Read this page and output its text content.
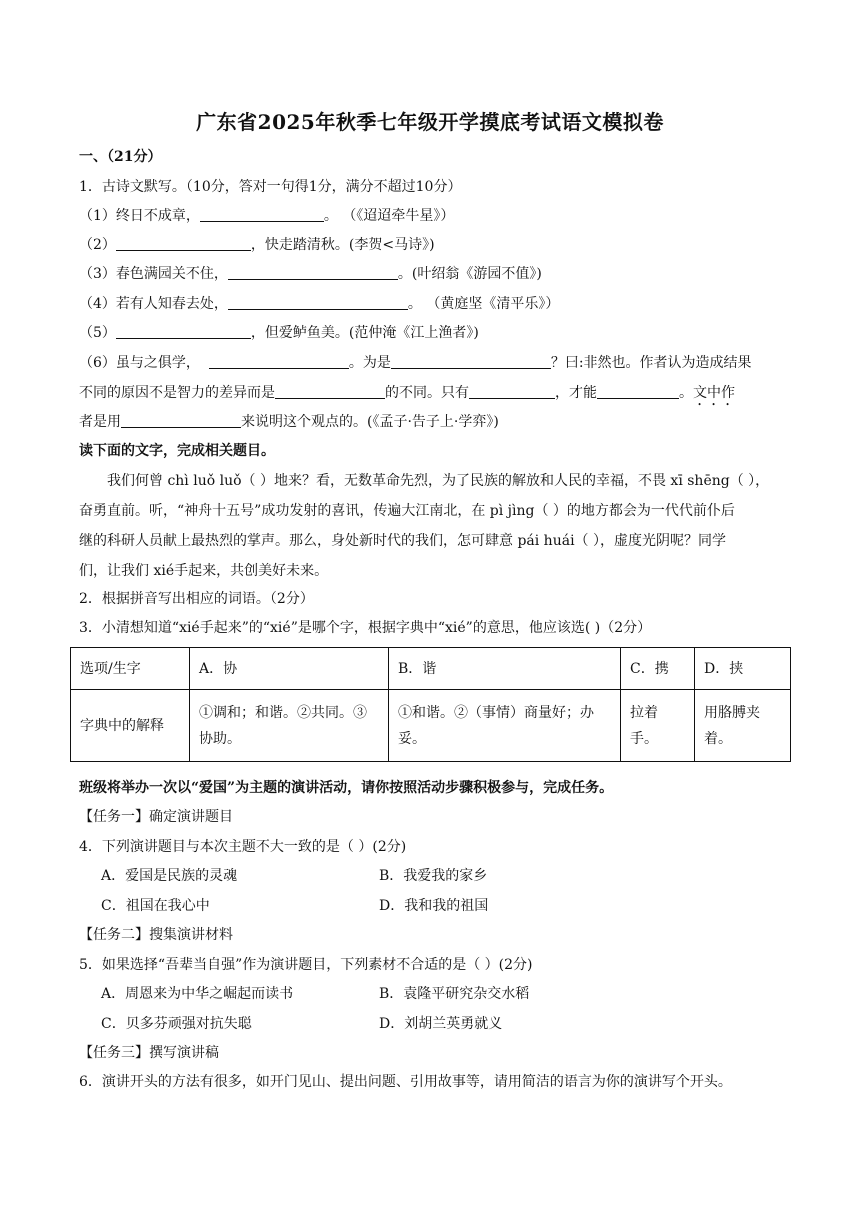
广东省2025年秋季七年级开学摸底考试语文模拟卷
一、（21分）
1．古诗文默写。（10分，答对一句得1分，满分不超过10分）
（1）终日不成章，	。 （《迢迢牵牛星》）
（2）	，快走踏清秋。(李贺<马诗》)
（3）春色满园关不住，	。(叶绍翁《游园不值》)
（4）若有人知春去处，	。 （黄庭坚《清平乐》）
（5）	，但爱鲈鱼美。(范仲淹《江上渔者》)
（6）虽与之俱学，	。为是	？曰:非然也。作者认为造成结果
不同的原因不是智力的差异而是	的不同。只有	，才能	。文中作
者是用	来说明这个观点的。(《孟子·告子上·学弈》)
读下面的文字，完成相关题目。
我们何曾 chì luǒ luǒ（ ）地来？看，无数革命先烈，为了民族的解放和人民的幸福，不畏 xī shēng（ ），
奋勇直前。听，“神舟十五号”成功发射的喜讯，传遍大江南北，在 pì jìng（ ）的地方都会为一代代前仆后
继的科研人员献上最热烈的掌声。那么，身处新时代的我们，怎可肆意 pái huái（ ），虚度光阴呢？同学
们，让我们 xié手起来，共创美好未来。
2．根据拼音写出相应的词语。（2分）
3．小清想知道“xié手起来”的“xié”是哪个字，根据字典中“xié”的意思，他应该选( )（2分）
选项/生字	A．协	B．谐	C．携	D．挟
字典中的解释	①调和；和谐。②共同。③协助。	①和谐。②（事情）商量好；办妥。	拉着手。	用胳膊夹着。
班级将举办一次以“爱国”为主题的演讲活动，请你按照活动步骤积极参与，完成任务。
【任务一】确定演讲题目
4．下列演讲题目与本次主题不大一致的是（ ）(2分)
A．爱国是民族的灵魂	B．我爱我的家乡
C．祖国在我心中	D．我和我的祖国
【任务二】搜集演讲材料
5．如果选择“吾辈当自强”作为演讲题目，下列素材不合适的是（ ）(2分)
A．周恩来为中华之崛起而读书	B．袁隆平研究杂交水稻
C．贝多芬顽强对抗失聪	D．刘胡兰英勇就义
【任务三】撰写演讲稿
6．演讲开头的方法有很多，如开门见山、提出问题、引用故事等，请用简洁的语言为你的演讲写个开头。
